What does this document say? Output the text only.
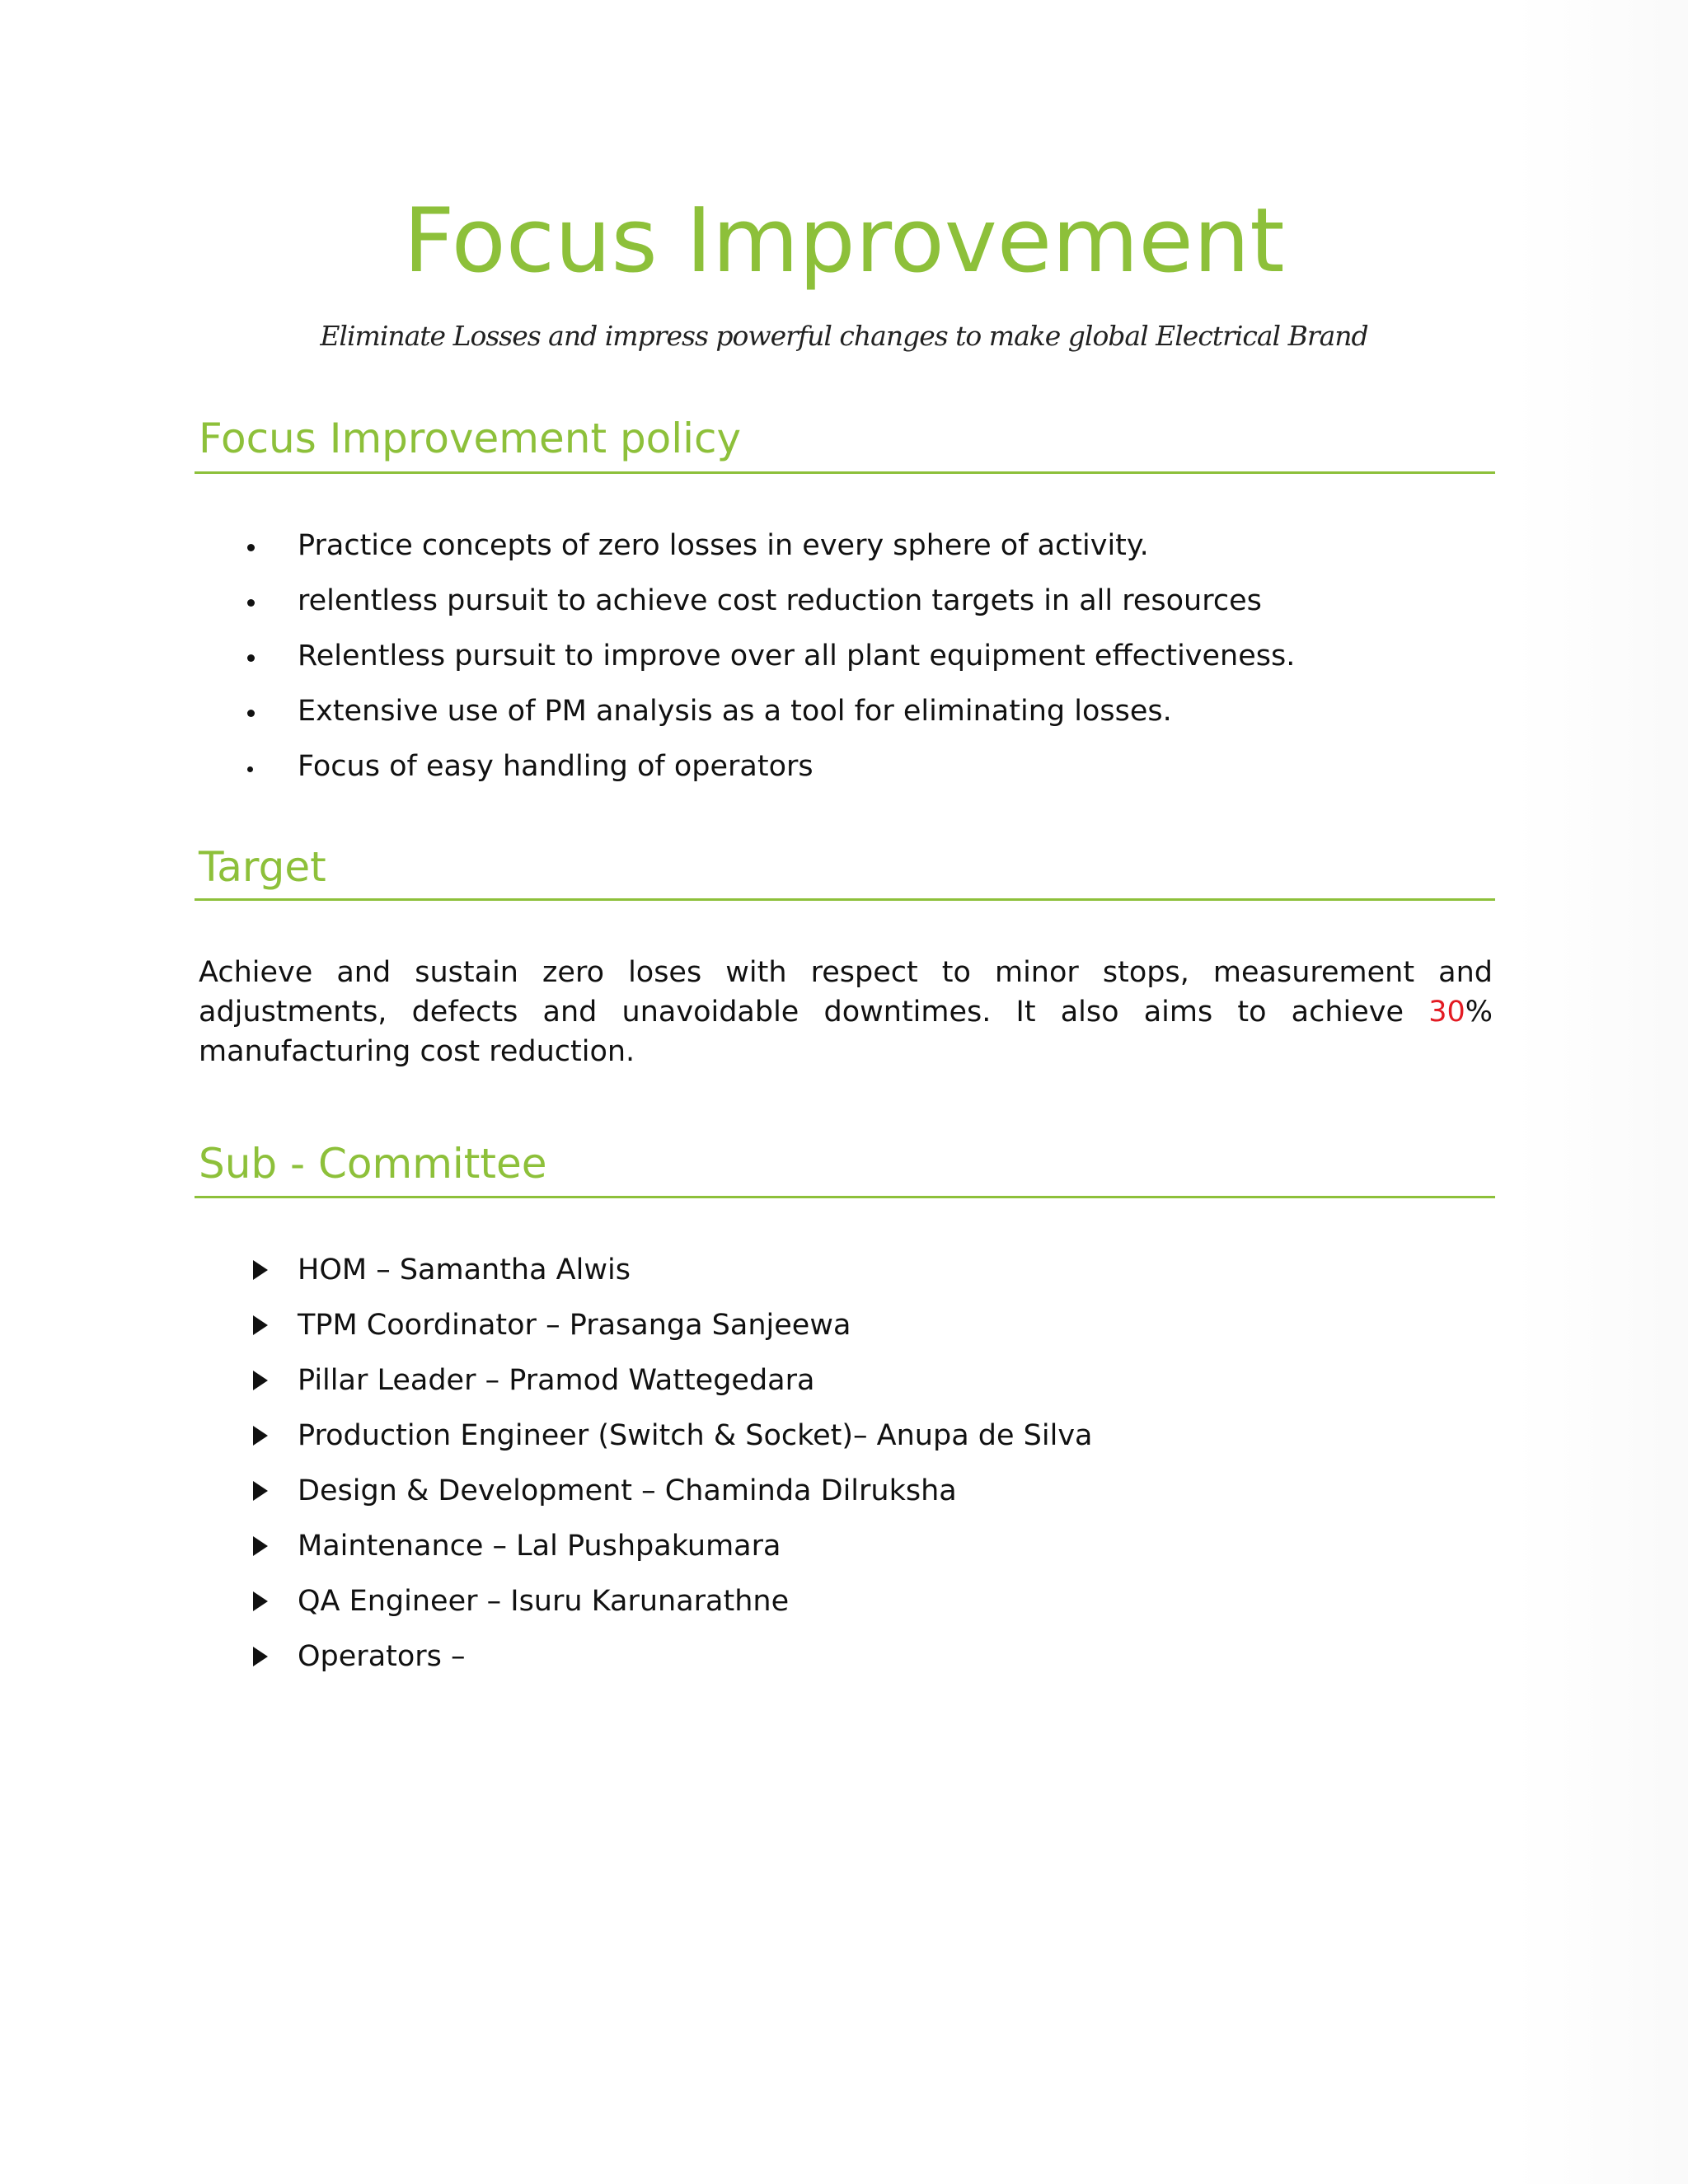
Focus Improvement
Eliminate Losses and impress powerful changes to make global Electrical Brand
Focus Improvement policy
Practice concepts of zero losses in every sphere of activity.
relentless pursuit to achieve cost reduction targets in all resources
Relentless pursuit to improve over all plant equipment effectiveness.
Extensive use of PM analysis as a tool for eliminating losses.
Focus of easy handling of operators
Target
Achieve and sustain zero loses with respect to minor stops, measurement and adjustments, defects and unavoidable downtimes. It also aims to achieve 30% manufacturing cost reduction.
Sub - Committee
HOM – Samantha Alwis
TPM Coordinator – Prasanga Sanjeewa
Pillar Leader – Pramod Wattegedara
Production Engineer (Switch & Socket)– Anupa de Silva
Design & Development – Chaminda Dilruksha
Maintenance – Lal Pushpakumara
QA Engineer – Isuru Karunarathne
Operators –
